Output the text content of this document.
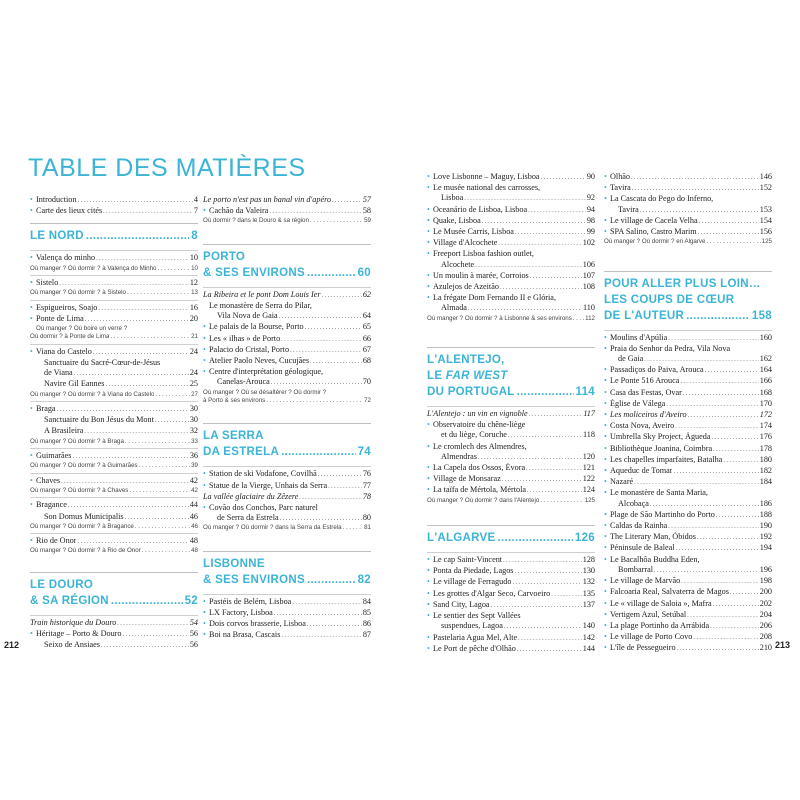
TABLE DES MATIÈRES
• Introduction . . .	4
• Carte des lieux cités . . .	7
LE NORD .....	8
• Valença do minho . . .	10
Où manger ? Où dormir ? à Valença do Minho . . .	10
• Sistelo . . .	12
Où manger ? Où dormir ? à Sistelo . . .	13
• Espigueiros, Soajo . . .	16
• Ponte de Lima . . .	20
Où manger ? Où boire un verre ?
Où dormir ? à Ponte de Lima . . .	21
• Viana do Castelo . . .	24
Sanctuaire du Sacré-Cœur-de-Jésus
de Viana . . .	24
Navire Gil Eannes . . .	25
Où manger ? Où dormir ? à Viana do Castelo . . .	27
• Braga . . .	30
Sanctuaire du Bon Jésus du Mont . . .	30
A Brasileira . . .	32
Où manger ? Où dormir ? à Braga . . .	33
• Guimarães . . .	36
Où manger ? Où dormir ? à Guimarães . . .	39
• Chaves . . .	42
Où manger ? Où dormir ? à Chaves . . .	42
• Bragance . . .	44
Son Domus Municipalis . . .	46
Où manger ? Où dormir ? à Bragance . . .	46
• Rio de Onor . . .	48
Où manger ? Où dormir ? à Rio de Onor . . .	48
LE DOURO
& SA RÉGION .....	52
Train historique du Douro . . .	54
• Héritage – Porto & Douro . . .	56
Seixo de Ansiaes . . .	56
Le porto n'est pas un banal vin d'apéro . . .	57
• Cachão da Valeira . . .	58
Où dormir ? dans le Douro & sa région . . .	59
PORTO
& SES ENVIRONS .....	60
La Ribeira et le pont Dom Louis Ier . . .	62
Le monastère de Serra do Pilar,
Vila Nova de Gaia . . .	64
• Le palais de la Bourse, Porto . . .	65
• Les « ilhas » de Porto . . .	66
• Palacio do Cristal, Porto . . .	67
• Atelier Paolo Neves, Cucujães . . .	68
• Centre d'interprétation géologique,
Canelas-Arouca . . .	70
Où manger ? Où se désaltérer ? Où dormir ?
à Porto & ses environs . . .	72
LA SERRA
DA ESTRELA .....	74
• Station de ski Vodafone, Covilhã . . .	76
• Statue de la Vierge, Unhais da Serra . . .	77
La vallée glaciaire du Zêzere . . .	78
• Covão dos Conchos, Parc naturel
de Serra da Estrela . . .	80
Où manger ? Où dormir ? dans la Serra da Estrela . . .	81
LISBONNE
& SES ENVIRONS .....	82
• Pastéis de Belém, Lisboa . . .	84
• LX Factory, Lisboa . . .	85
• Dois corvos brasserie, Lisboa . . .	86
• Boi na Brasa, Cascais . . .	87
• Love Lisbonne – Maguy, Lisboa . . .	90
• Le musée national des carrosses,
Lisboa . . .	92
• Oceanário de Lisboa, Lisboa . . .	94
• Quake, Lisboa . . .	98
• Le Musée Carris, Lisboa . . .	99
• Village d'Alcochete . . .	102
• Freeport Lisboa fashion outlet,
Alcochete . . .	106
• Un moulin à marée, Corroios . . .	107
• Azulejos de Azeitão . . .	108
• La frégate Dom Fernando II e Glória,
Almada . . .	110
Où manger ? Où dormir ? à Lisbonne & ses environs . . . 112
L'ALENTEJO,
LE FAR WEST
DU PORTUGAL .....	114
L'Alentejo : un vin en vignoble . . .	117
• Observatoire du chêne-liège
et du liège, Coruche . . .	118
• Le cromlech des Almendres,
Almendras . . .	120
• La Capela dos Ossos, Évora . . .	121
• Village de Monsaraz . . .	122
• La taïfa de Mértola, Mértola . . .	124
Où manger ? Où dormir ? dans l'Alentejo . . .	125
L'ALGARVE .....	126
• Le cap Saint-Vincent . . .	128
• Ponta da Piedade, Lagos . . .	130
• Le village de Ferragudo . . .	132
• Les grottes d'Algar Seco, Carvoeiro . . .	135
• Sand City, Lagoa . . .	137
• Le sentier des Sept Vallées
suspendues, Lagoa . . .	140
• Pastelaria Agua Mel, Alte . . .	142
• Le Port de pêche d'Olhão . . .	144
• Olhão . . .	146
• Tavira . . .	152
• La Cascata do Pego do Inferno,
Tavira . . .	153
• Le village de Cacela Velha . . .	154
• SPA Salino, Castro Marim . . .	156
Où manger ? Où dormir ? en Algarve . . .	125
POUR ALLER PLUS LOIN…
LES COUPS DE CŒUR
DE L'AUTEUR .....	158
• Moulins d'Apúlia . . .	160
• Praia do Senhor da Pedra, Vila Nova
de Gaia . . .	162
• Passadiços do Paiva, Arouca . . .	164
• Le Ponte 516 Arouca . . .	166
• Casa das Festas, Ovar . . .	168
• Église de Válega . . .	170
• Les moliceiros d'Aveiro . . .	172
• Costa Nova, Aveiro . . .	174
• Umbrella Sky Project, Águeda . . .	176
• Bibliothèque Joanina, Coimbra . . .	178
• Les chapelles imparfaites, Batalha . . .	180
• Aqueduc de Tomar . . .	182
• Nazaré . . .	184
• Le monastère de Santa Maria,
Alcobaça . . .	186
• Plage de São Martinho do Porto . . .	188
• Caldas da Rainha . . .	190
• The Literary Man, Óbidos . . .	192
• Péninsule de Baleal . . .	194
• Le Bacalhôa Buddha Eden,
Bombarral . . .	196
• Le village de Marvão . . .	198
• Falcoaria Real, Salvaterra de Magos . . .	200
• Le « village de Saloia », Mafra . . .	202
• Vertigem Azul, Setúbal . . .	204
• La plage Portinho da Arrábida . . .	206
• Le village de Porto Covo . . .	208
• L'île de Pessegueiro . . .	210
212	213
